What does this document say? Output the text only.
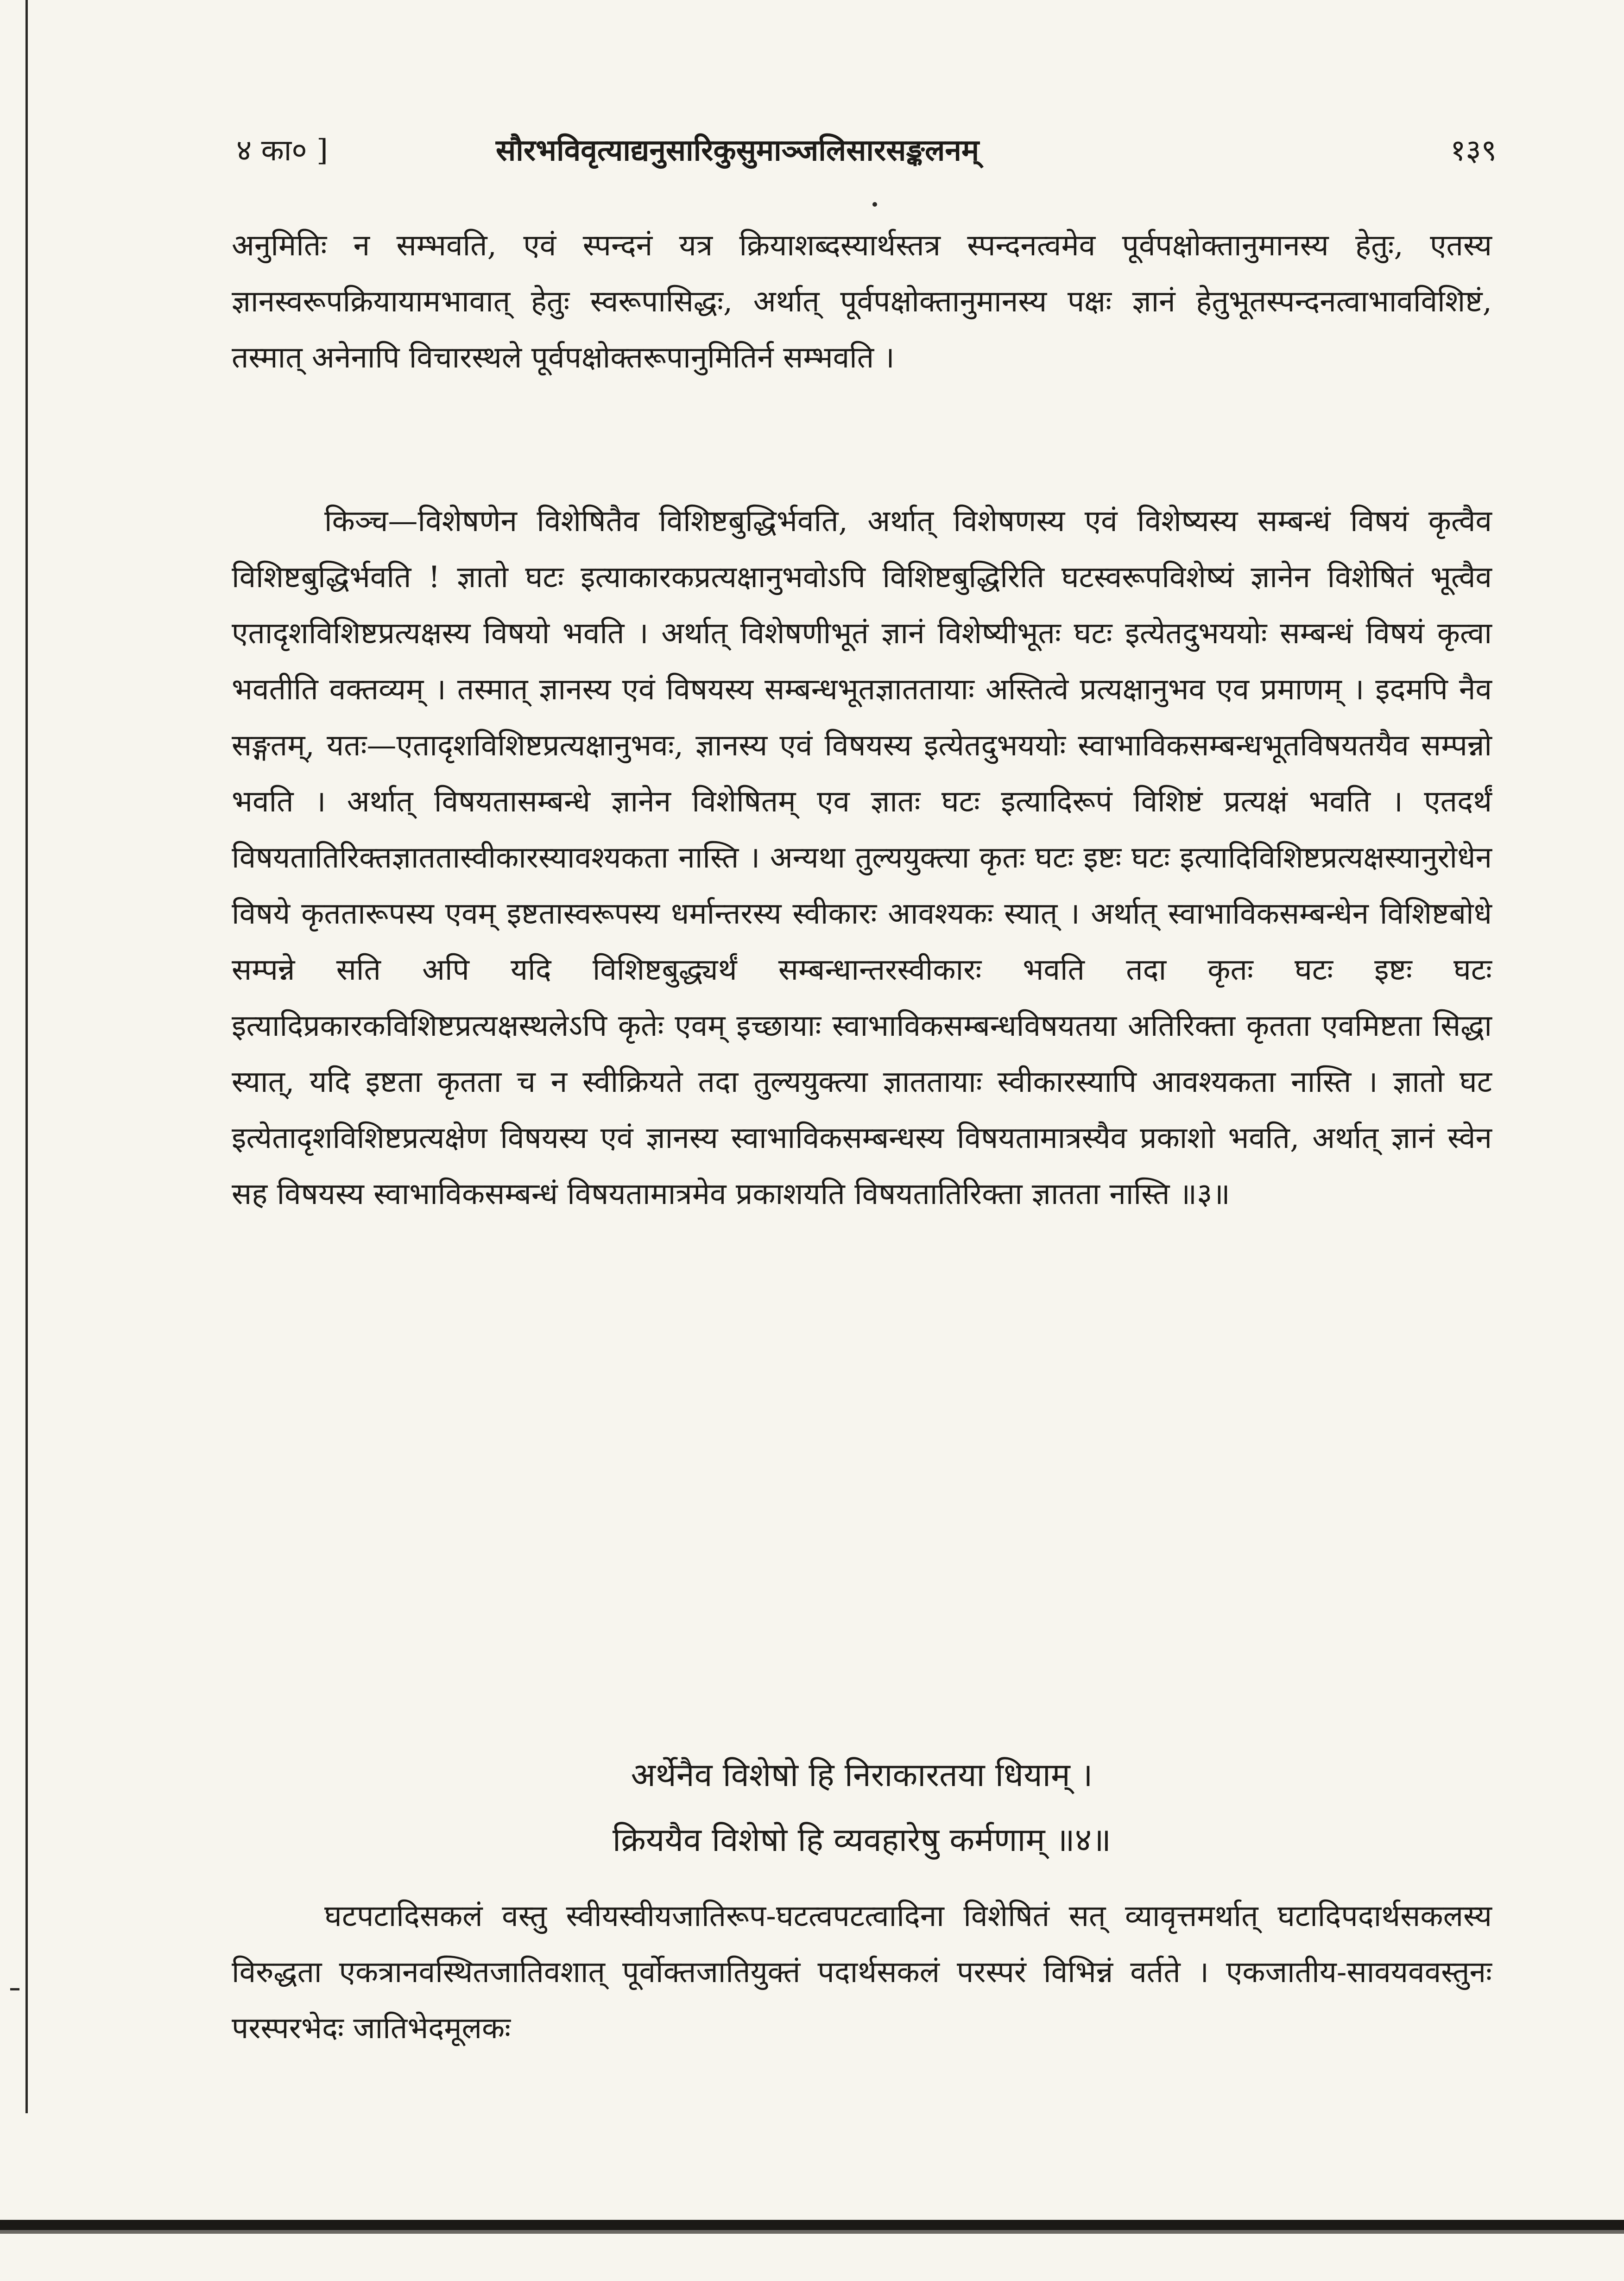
४ का० ]	सौरभविवृत्याद्यनुसारिकुसुमाञ्जलिसारसङ्कलनम्	१३९
अनुमितिः न सम्भवति, एवं स्पन्दनं यत्र क्रियाशब्दस्यार्थस्तत्र स्पन्दनत्वमेव पूर्वपक्षोक्तानुमानस्य हेतुः, एतस्य ज्ञानस्वरूपक्रियायामभावात् हेतुः स्वरूपासिद्धः, अर्थात् पूर्वपक्षोक्तानुमानस्य पक्षः ज्ञानं हेतुभूतस्पन्दनत्वाभावविशिष्टं, तस्मात् अनेनापि विचारस्थले पूर्वपक्षोक्तरूपानुमितिर्न सम्भवति ।
किञ्च—विशेषणेन विशेषितैव विशिष्टबुद्धिर्भवति, अर्थात् विशेषणस्य एवं विशेष्यस्य सम्बन्धं विषयं कृत्वैव विशिष्टबुद्धिर्भवति ! ज्ञातो घटः इत्याकारकप्रत्यक्षानुभवोऽपि विशिष्टबुद्धिरिति घटस्वरूपविशेष्यं ज्ञानेन विशेषितं भूत्वैव एतादृशविशिष्टप्रत्यक्षस्य विषयो भवति । अर्थात् विशेषणीभूतं ज्ञानं विशेष्यीभूतः घटः इत्येतदुभययोः सम्बन्धं विषयं कृत्वा भवतीति वक्तव्यम् । तस्मात् ज्ञानस्य एवं विषयस्य सम्बन्धभूतज्ञाततायाः अस्तित्वे प्रत्यक्षानुभव एव प्रमाणम् । इदमपि नैव सङ्गतम्, यतः—एतादृशविशिष्टप्रत्यक्षानुभवः, ज्ञानस्य एवं विषयस्य इत्येतदुभययोः स्वाभाविकसम्बन्धभूतविषयतयैव सम्पन्नो भवति । अर्थात् विषयतासम्बन्धे ज्ञानेन विशेषितम् एव ज्ञातः घटः इत्यादिरूपं विशिष्टं प्रत्यक्षं भवति । एतदर्थं विषयतातिरिक्तज्ञाततास्वीकारस्यावश्यकता नास्ति । अन्यथा तुल्ययुक्त्या कृतः घटः इष्टः घटः इत्यादिविशिष्टप्रत्यक्षस्यानुरोधेन विषये कृततारूपस्य एवम् इष्टतास्वरूपस्य धर्मान्तरस्य स्वीकारः आवश्यकः स्यात् । अर्थात् स्वाभाविकसम्बन्धेन विशिष्टबोधे सम्पन्ने सति अपि यदि विशिष्टबुद्ध्यर्थं सम्बन्धान्तरस्वीकारः भवति तदा कृतः घटः इष्टः घटः इत्यादिप्रकारकविशिष्टप्रत्यक्षस्थलेऽपि कृतेः एवम् इच्छायाः स्वाभाविकसम्बन्धविषयतया अतिरिक्ता कृतता एवमिष्टता सिद्धा स्यात्, यदि इष्टता कृतता च न स्वीक्रियते तदा तुल्ययुक्त्या ज्ञाततायाः स्वीकारस्यापि आवश्यकता नास्ति । ज्ञातो घट इत्येतादृशविशिष्टप्रत्यक्षेण विषयस्य एवं ज्ञानस्य स्वाभाविकसम्बन्धस्य विषयतामात्रस्यैव प्रकाशो भवति, अर्थात् ज्ञानं स्वेन सह विषयस्य स्वाभाविकसम्बन्धं विषयतामात्रमेव प्रकाशयति विषयतातिरिक्ता ज्ञातता नास्ति ॥३॥
अर्थेनैव विशेषो हि निराकारतया धियाम् ।
क्रिययैव विशेषो हि व्यवहारेषु कर्मणाम् ॥४॥
घटपटादिसकलं वस्तु स्वीयस्वीयजातिरूप-घटत्वपटत्वादिना विशेषितं सत् व्यावृत्तमर्थात् घटादिपदार्थसकलस्य विरुद्धता एकत्रानवस्थितजातिवशात् पूर्वोक्तजातियुक्तं पदार्थसकलं परस्परं विभिन्नं वर्तते । एकजातीय-सावयववस्तुनः परस्परभेदः जातिभेदमूलकः
